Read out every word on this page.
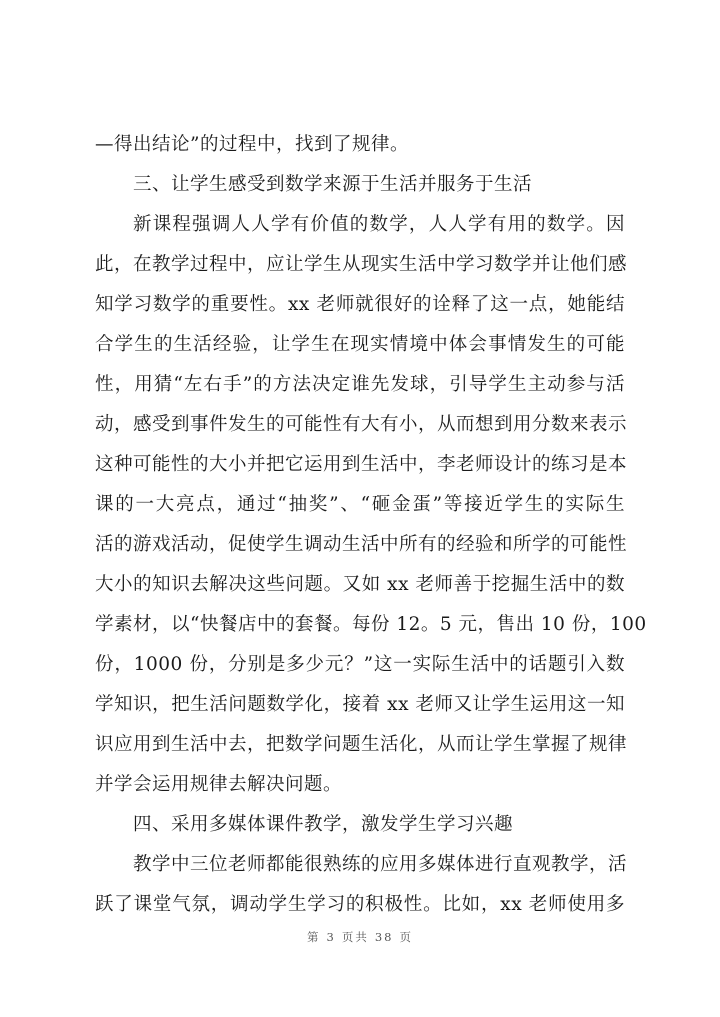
—得出结论”的过程中，找到了规律。
三、让学生感受到数学来源于生活并服务于生活
新课程强调人人学有价值的数学，人人学有用的数学。因
此，在教学过程中，应让学生从现实生活中学习数学并让他们感
知学习数学的重要性。xx 老师就很好的诠释了这一点，她能结
合学生的生活经验，让学生在现实情境中体会事情发生的可能
性，用猜“左右手”的方法决定谁先发球，引导学生主动参与活
动，感受到事件发生的可能性有大有小，从而想到用分数来表示
这种可能性的大小并把它运用到生活中，李老师设计的练习是本
课的一大亮点，通过“抽奖”、“砸金蛋”等接近学生的实际生
活的游戏活动，促使学生调动生活中所有的经验和所学的可能性
大小的知识去解决这些问题。又如 xx 老师善于挖掘生活中的数
学素材，以“快餐店中的套餐。每份 12。5 元，售出 10 份，100
份，1000 份，分别是多少元？”这一实际生活中的话题引入数
学知识，把生活问题数学化，接着 xx 老师又让学生运用这一知
识应用到生活中去，把数学问题生活化，从而让学生掌握了规律
并学会运用规律去解决问题。
四、采用多媒体课件教学，激发学生学习兴趣
教学中三位老师都能很熟练的应用多媒体进行直观教学，活
跃了课堂气氛，调动学生学习的积极性。比如，xx 老师使用多
第 3 页共 38 页
